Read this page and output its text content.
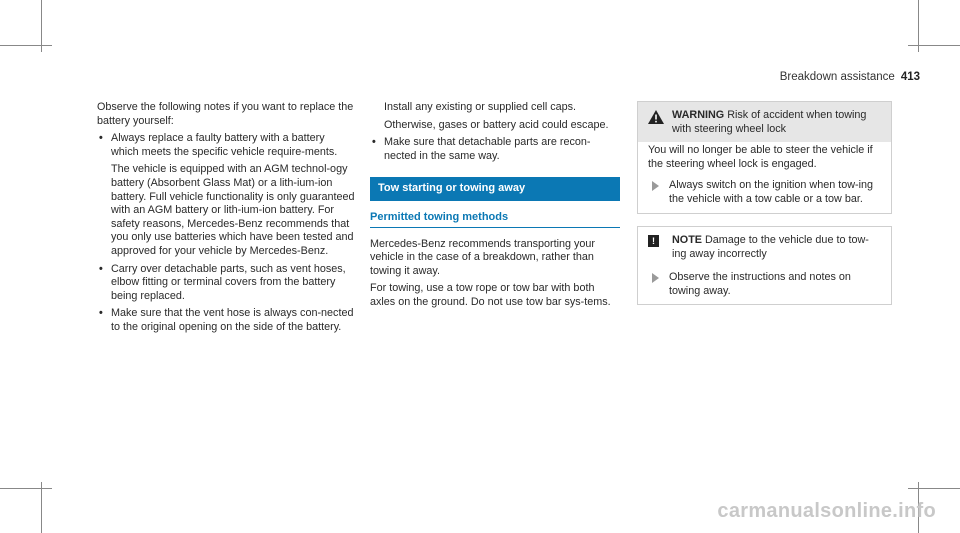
Breakdown assistance 413

Observe the following notes if you want to replace the battery yourself:

• Always replace a faulty battery with a battery which meets the specific vehicle require-ments.

The vehicle is equipped with an AGM technol-ogy battery (Absorbent Glass Mat) or a lith-ium-ion battery. Full vehicle functionality is only guaranteed with an AGM battery or lith-ium-ion battery. For safety reasons, Mercedes-Benz recommends that you only use batteries which have been tested and approved for your vehicle by Mercedes-Benz.

• Carry over detachable parts, such as vent hoses, elbow fitting or terminal covers from the battery being replaced.
• Make sure that the vent hose is always con-nected to the original opening on the side of the battery.

Install any existing or supplied cell caps.

Otherwise, gases or battery acid could escape.

• Make sure that detachable parts are recon-nected in the same way.
Tow starting or towing away
Permitted towing methods

Mercedes-Benz recommends transporting your vehicle in the case of a breakdown, rather than towing it away.

For towing, use a tow rope or tow bar with both axles on the ground. Do not use tow bar sys-tems.

WARNING Risk of accident when towing with steering wheel lock
You will no longer be able to steer the vehicle if the steering wheel lock is engaged.
Always switch on the ignition when tow-ing the vehicle with a tow cable or a tow bar.
!	NOTE Damage to the vehicle due to tow-ing away incorrectly
Observe the instructions and notes on towing away.
carmanualsonline.info
